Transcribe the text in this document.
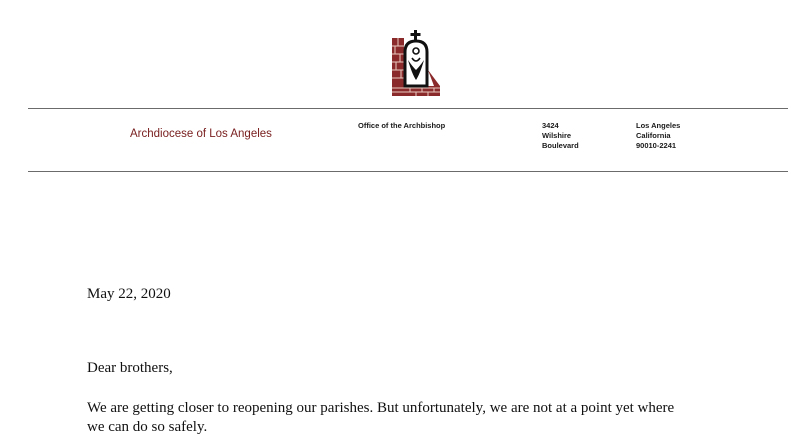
Archdiocese of Los Angeles
Office of the Archbishop	3424
Wilshire
Boulevard
Los Angeles
California
90010-2241
May 22, 2020
Dear brothers,
We are getting closer to reopening our parishes. But unfortunately, we are not at a point yet where
we can do so safely.
